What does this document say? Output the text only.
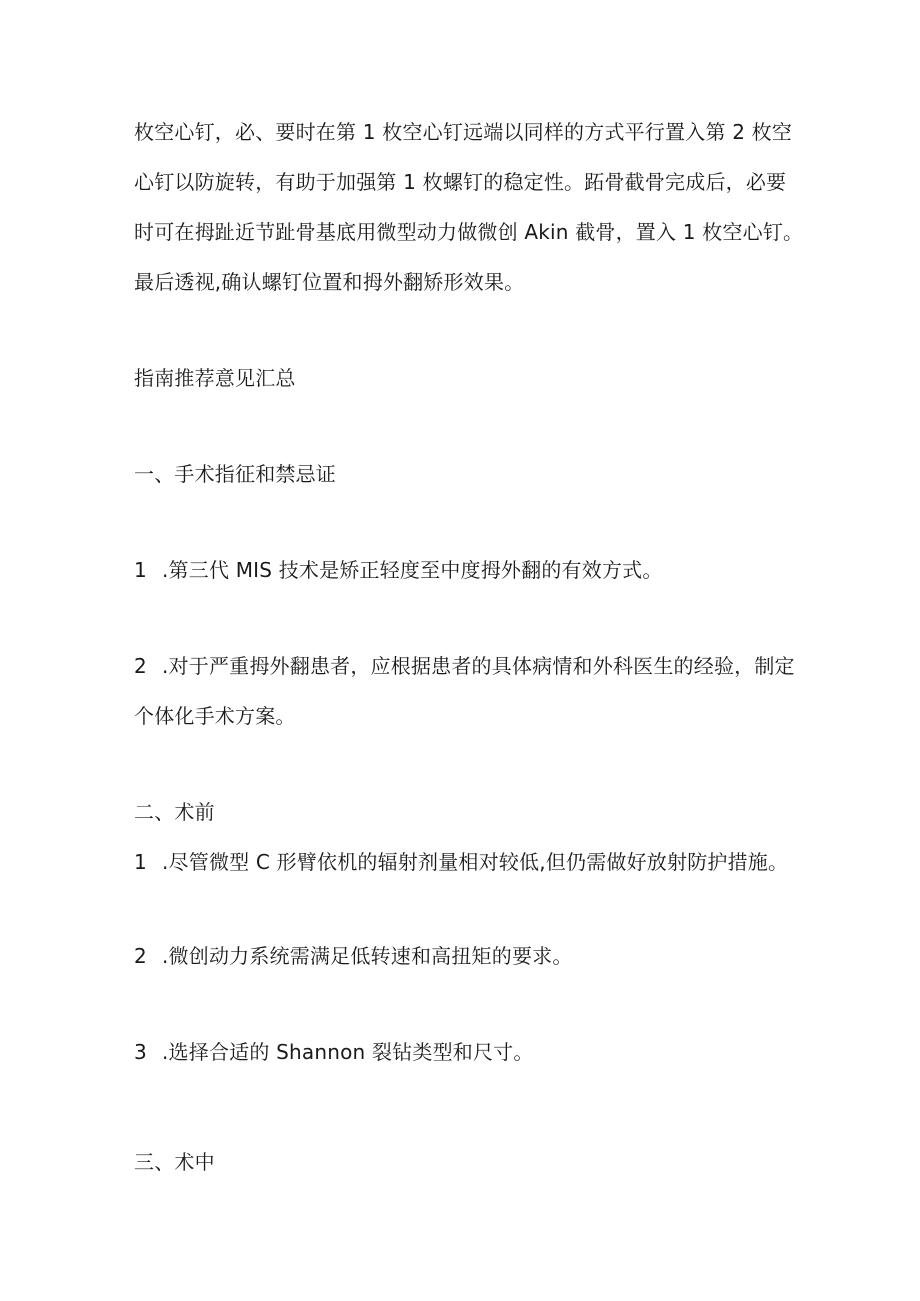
枚空心钉，必、要时在第 1 枚空心钉远端以同样的方式平行置入第 2 枚空
心钉以防旋转，有助于加强第 1 枚螺钉的稳定性。跖骨截骨完成后，必要
时可在拇趾近节趾骨基底用微型动力做微创 Akin 截骨，置入 1 枚空心钉。
最后透视,确认螺钉位置和拇外翻矫形效果。
指南推荐意见汇总
一、手术指征和禁忌证
1 .第三代 MIS 技术是矫正轻度至中度拇外翻的有效方式。
2 .对于严重拇外翻患者，应根据患者的具体病情和外科医生的经验，制定
个体化手术方案。
二、术前
1 .尽管微型 C 形臂依机的辐射剂量相对较低,但仍需做好放射防护措施。
2 .微创动力系统需满足低转速和高扭矩的要求。
3 .选择合适的 Shannon 裂钻类型和尺寸。
三、术中
